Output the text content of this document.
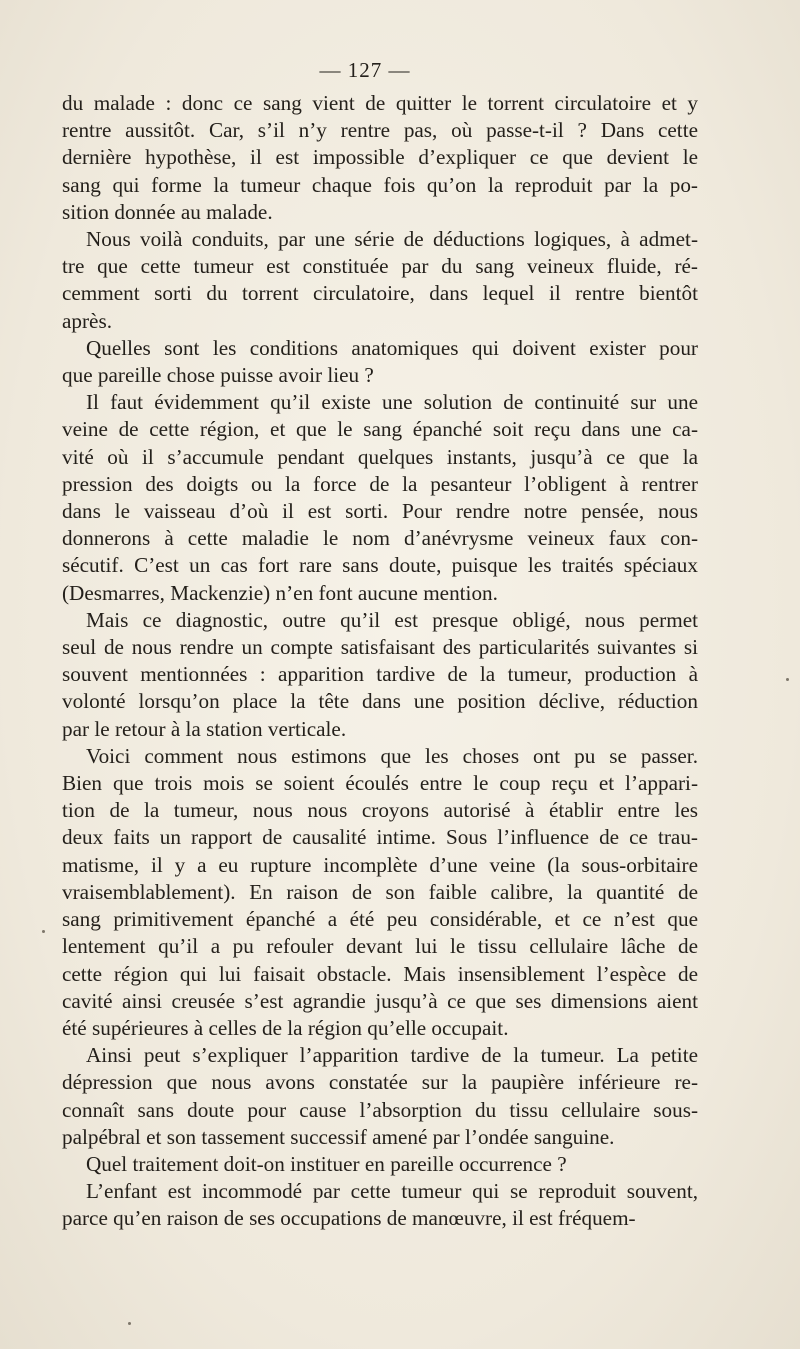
— 127 —

du malade : donc ce sang vient de quitter le torrent circulatoire et y
rentre aussitôt. Car, s’il n’y rentre pas, où passe-t-il ? Dans cette
dernière hypothèse, il est impossible d’expliquer ce que devient le
sang qui forme la tumeur chaque fois qu’on la reproduit par la po-
sition donnée au malade.

Nous voilà conduits, par une série de déductions logiques, à admet-
tre que cette tumeur est constituée par du sang veineux fluide, ré-
cemment sorti du torrent circulatoire, dans lequel il rentre bientôt
après.

Quelles sont les conditions anatomiques qui doivent exister pour
que pareille chose puisse avoir lieu ?

Il faut évidemment qu’il existe une solution de continuité sur une
veine de cette région, et que le sang épanché soit reçu dans une ca-
vité où il s’accumule pendant quelques instants, jusqu’à ce que la
pression des doigts ou la force de la pesanteur l’obligent à rentrer
dans le vaisseau d’où il est sorti. Pour rendre notre pensée, nous
donnerons à cette maladie le nom d’anévrysme veineux faux con-
sécutif. C’est un cas fort rare sans doute, puisque les traités spéciaux
(Desmarres, Mackenzie) n’en font aucune mention.

Mais ce diagnostic, outre qu’il est presque obligé, nous permet
seul de nous rendre un compte satisfaisant des particularités suivantes si
souvent mentionnées : apparition tardive de la tumeur, production à
volonté lorsqu’on place la tête dans une position déclive, réduction
par le retour à la station verticale.

Voici comment nous estimons que les choses ont pu se passer.
Bien que trois mois se soient écoulés entre le coup reçu et l’appari-
tion de la tumeur, nous nous croyons autorisé à établir entre les
deux faits un rapport de causalité intime. Sous l’influence de ce trau-
matisme, il y a eu rupture incomplète d’une veine (la sous-orbitaire
vraisemblablement). En raison de son faible calibre, la quantité de
sang primitivement épanché a été peu considérable, et ce n’est que
lentement qu’il a pu refouler devant lui le tissu cellulaire lâche de
cette région qui lui faisait obstacle. Mais insensiblement l’espèce de
cavité ainsi creusée s’est agrandie jusqu’à ce que ses dimensions aient
été supérieures à celles de la région qu’elle occupait.

Ainsi peut s’expliquer l’apparition tardive de la tumeur. La petite
dépression que nous avons constatée sur la paupière inférieure re-
connaît sans doute pour cause l’absorption du tissu cellulaire sous-
palpébral et son tassement successif amené par l’ondée sanguine.

Quel traitement doit-on instituer en pareille occurrence ?

L’enfant est incommodé par cette tumeur qui se reproduit souvent,
parce qu’en raison de ses occupations de manœuvre, il est fréquem-
